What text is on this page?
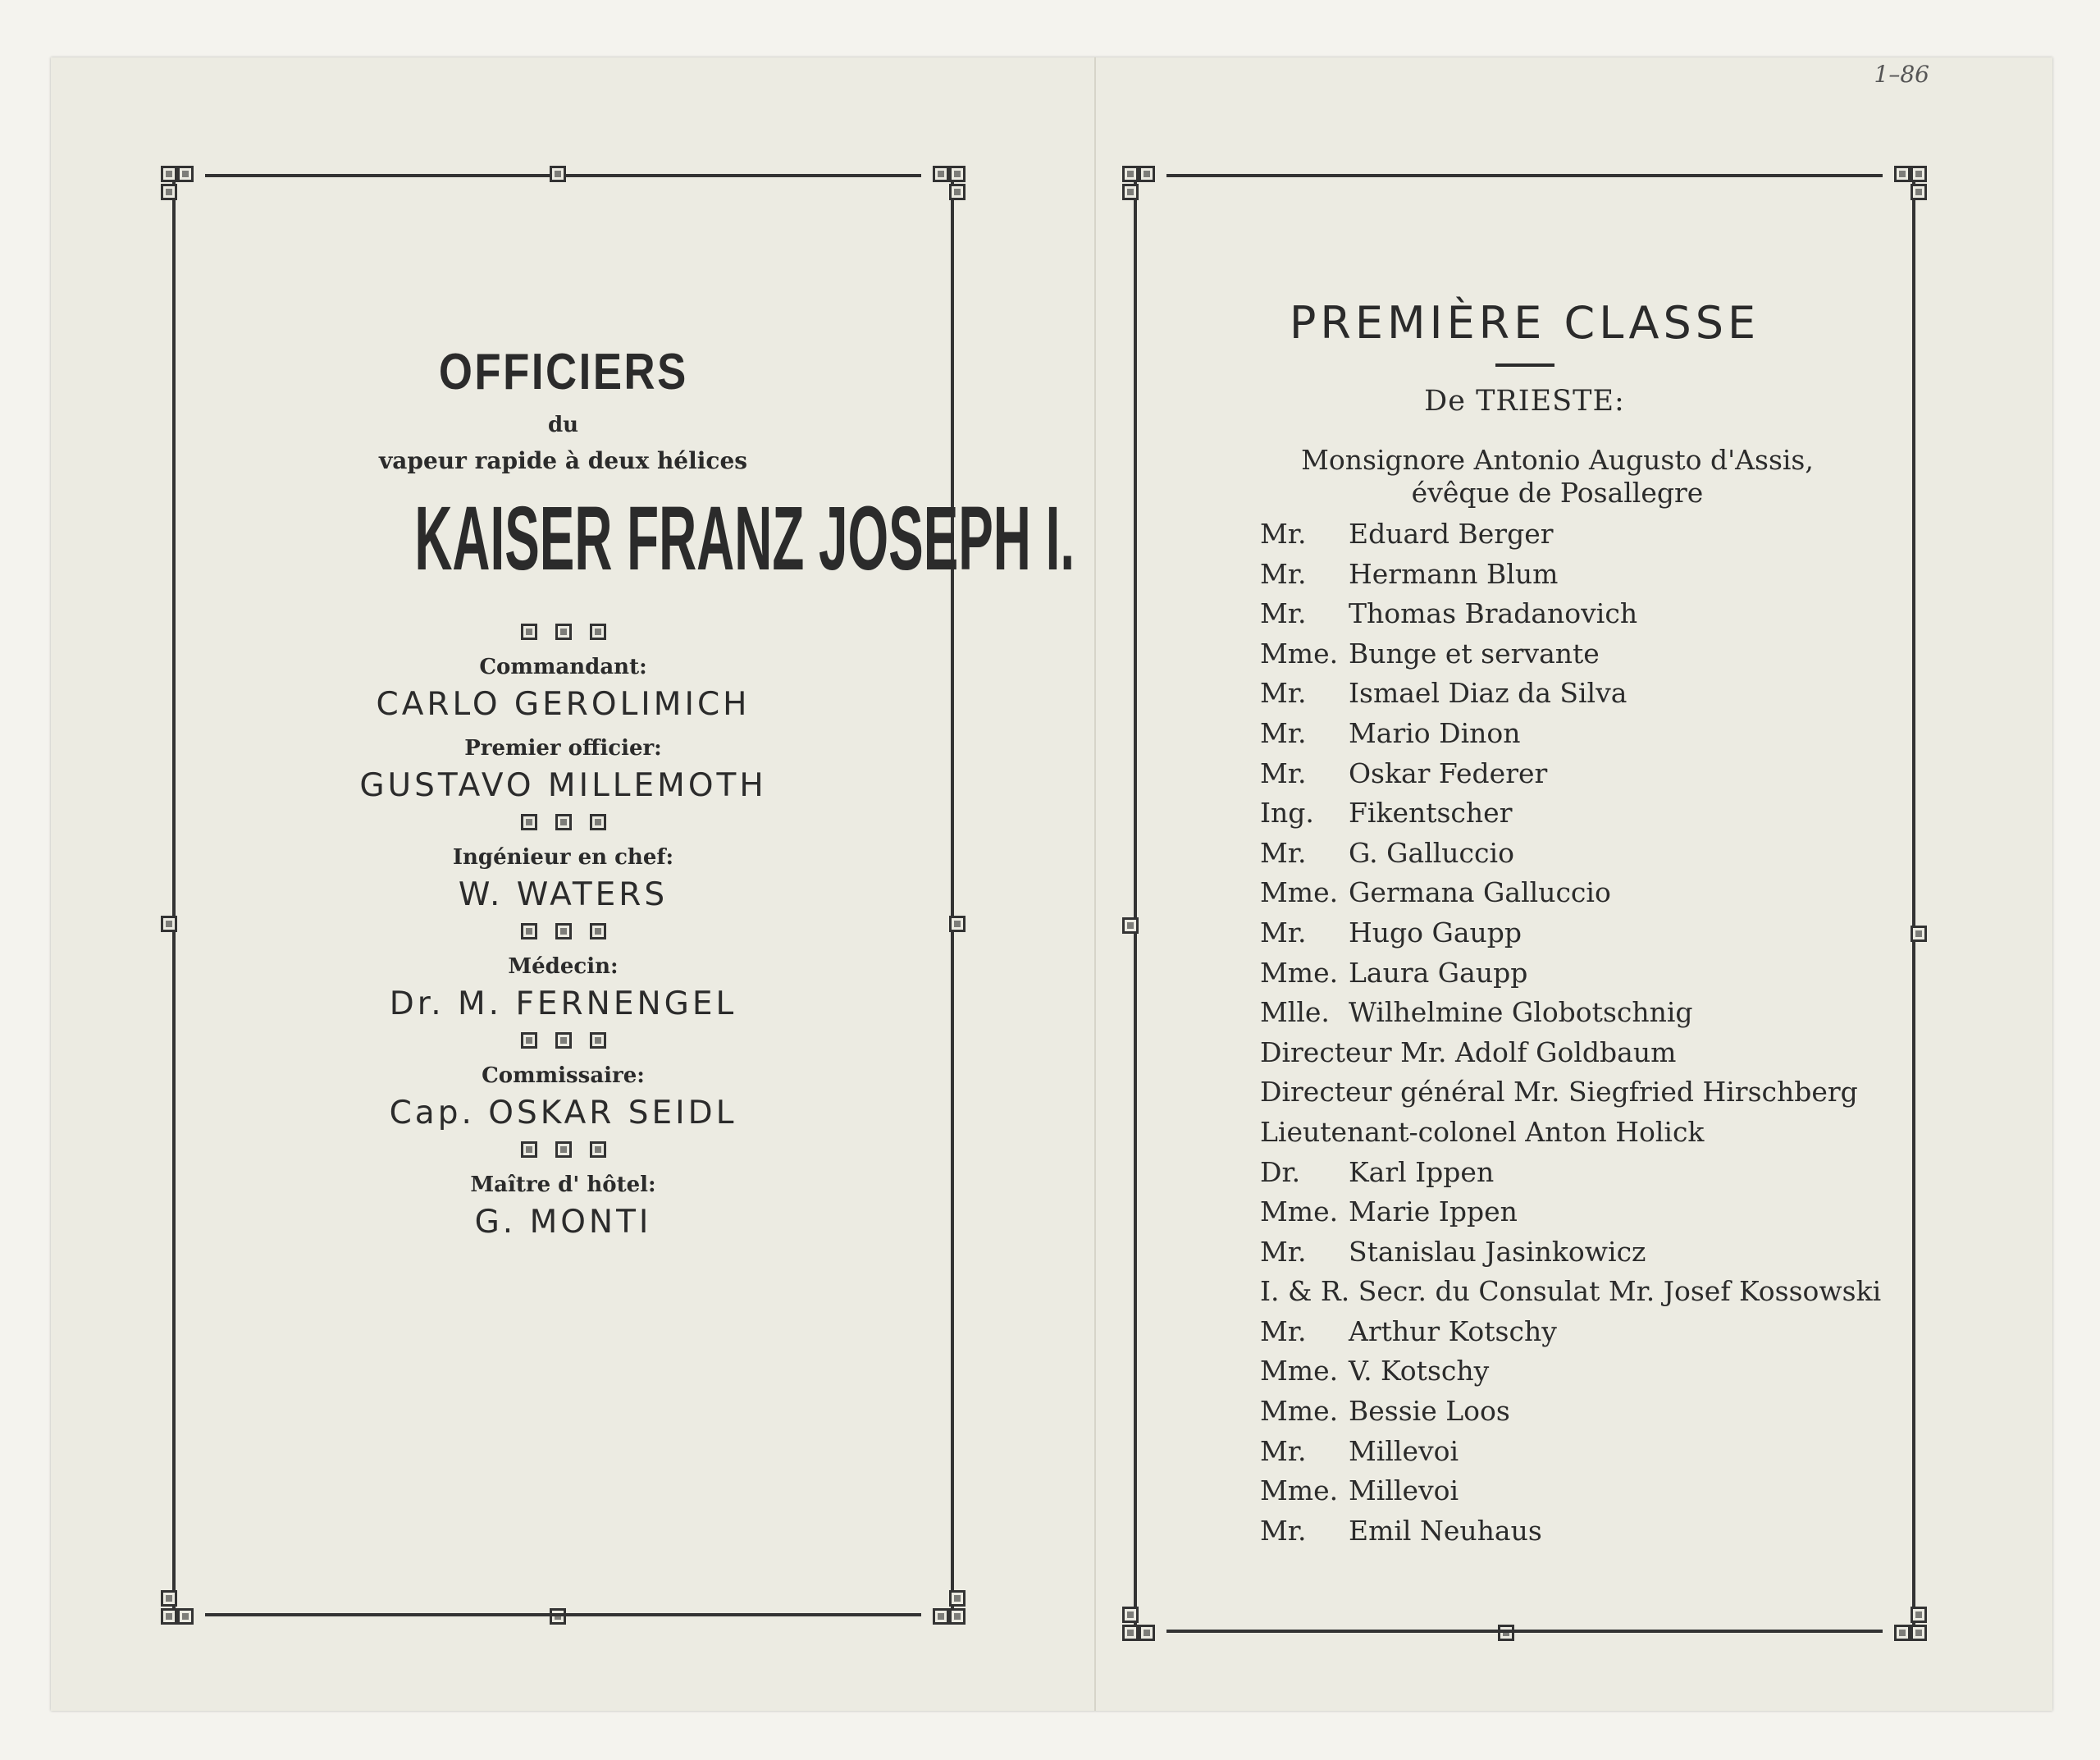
1–86
OFFICIERS
du
vapeur rapide à deux hélices
KAISER FRANZ JOSEPH I.
Commandant:
CARLO GEROLIMICH
Premier officier:
GUSTAVO MILLEMOTH
Ingénieur en chef:
W. WATERS
Médecin:
Dr. M. FERNENGEL
Commissaire:
Cap. OSKAR SEIDL
Maître d' hôtel:
G. MONTI
PREMIÈRE CLASSE
De TRIESTE:
Monsignore Antonio Augusto d'Assis, évêque de Posallegre
Mr. Eduard Berger
Mr. Hermann Blum
Mr. Thomas Bradanovich
Mme. Bunge et servante
Mr. Ismael Diaz da Silva
Mr. Mario Dinon
Mr. Oskar Federer
Ing. Fikentscher
Mr. G. Galluccio
Mme. Germana Galluccio
Mr. Hugo Gaupp
Mme. Laura Gaupp
Mlle. Wilhelmine Globotschnig
Directeur Mr. Adolf Goldbaum
Directeur général Mr. Siegfried Hirschberg
Lieutenant-colonel Anton Holick
Dr. Karl Ippen
Mme. Marie Ippen
Mr. Stanislau Jasinkowicz
I. & R. Secr. du Consulat Mr. Josef Kossowski
Mr. Arthur Kotschy
Mme. V. Kotschy
Mme. Bessie Loos
Mr. Millevoi
Mme. Millevoi
Mr. Emil Neuhaus
